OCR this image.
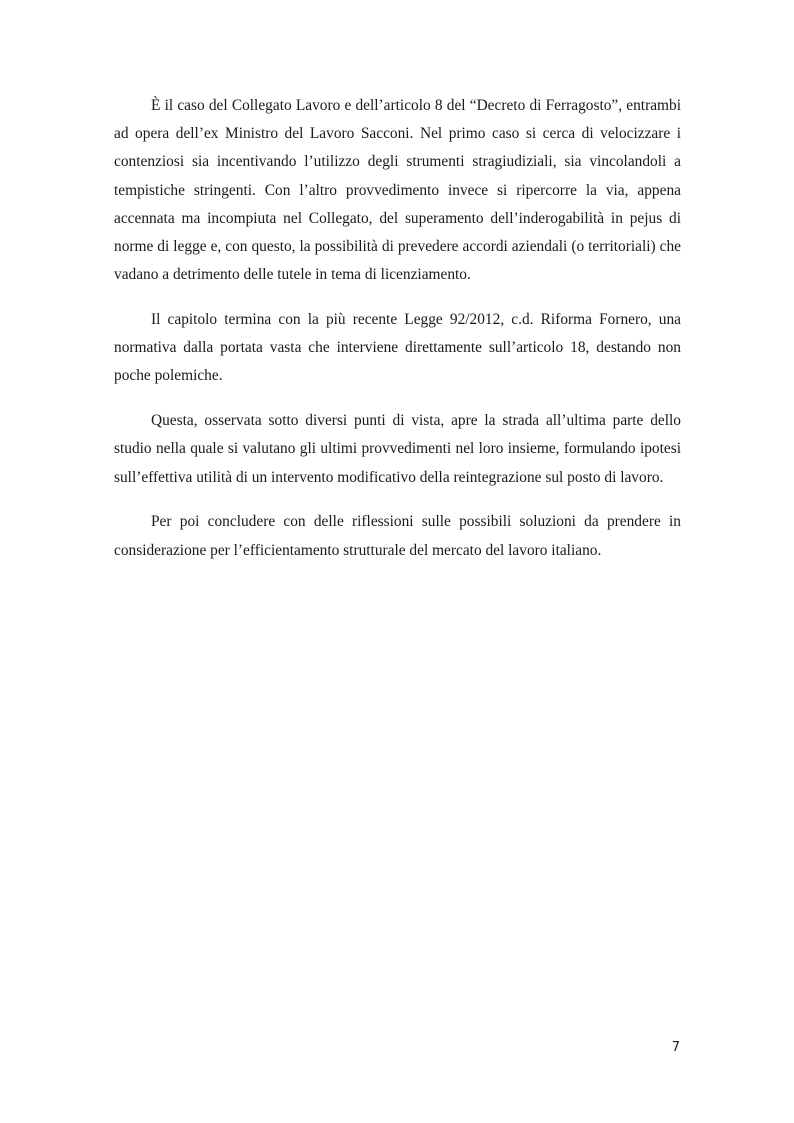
È il caso del Collegato Lavoro e dell’articolo 8 del “Decreto di Ferragosto”, entrambi ad opera dell’ex Ministro del Lavoro Sacconi. Nel primo caso si cerca di velocizzare i contenziosi sia incentivando l’utilizzo degli strumenti stragiudiziali, sia vincolandoli a tempistiche stringenti. Con l’altro provvedimento invece si ripercorre la via, appena accennata ma incompiuta nel Collegato, del superamento dell’inderogabilità in pejus di norme di legge e, con questo, la possibilità di prevedere accordi aziendali (o territoriali) che vadano a detrimento delle tutele in tema di licenziamento.

Il capitolo termina con la più recente Legge 92/2012, c.d. Riforma Fornero, una normativa dalla portata vasta che interviene direttamente sull’articolo 18, destando non poche polemiche.

Questa, osservata sotto diversi punti di vista, apre la strada all’ultima parte dello studio nella quale si valutano gli ultimi provvedimenti nel loro insieme, formulando ipotesi sull’effettiva utilità di un intervento modificativo della reintegrazione sul posto di lavoro.

Per poi concludere con delle riflessioni sulle possibili soluzioni da prendere in considerazione per l’efficientamento strutturale del mercato del lavoro italiano.

7
